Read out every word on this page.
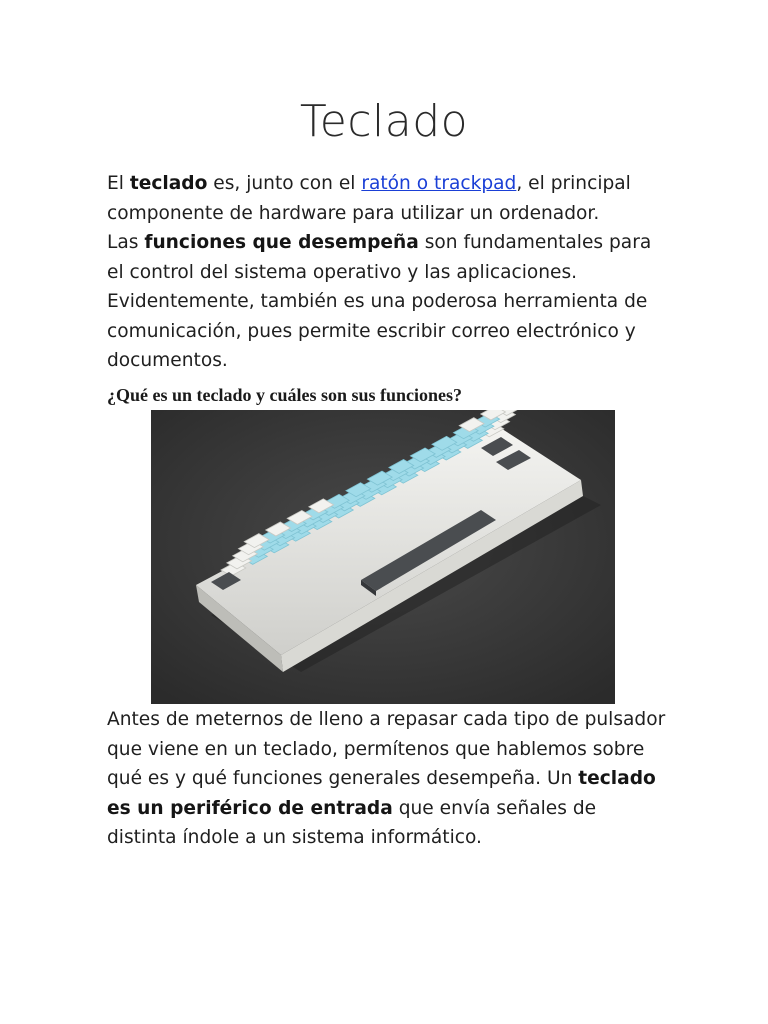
Teclado
El teclado es, junto con el ratón o trackpad, el principal componente de hardware para utilizar un ordenador.
Las funciones que desempeña son fundamentales para el control del sistema operativo y las aplicaciones. Evidentemente, también es una poderosa herramienta de comunicación, pues permite escribir correo electrónico y documentos.
¿Qué es un teclado y cuáles son sus funciones?
Antes de meternos de lleno a repasar cada tipo de pulsador que viene en un teclado, permítenos que hablemos sobre qué es y qué funciones generales desempeña. Un teclado es un periférico de entrada que envía señales de distinta índole a un sistema informático.
